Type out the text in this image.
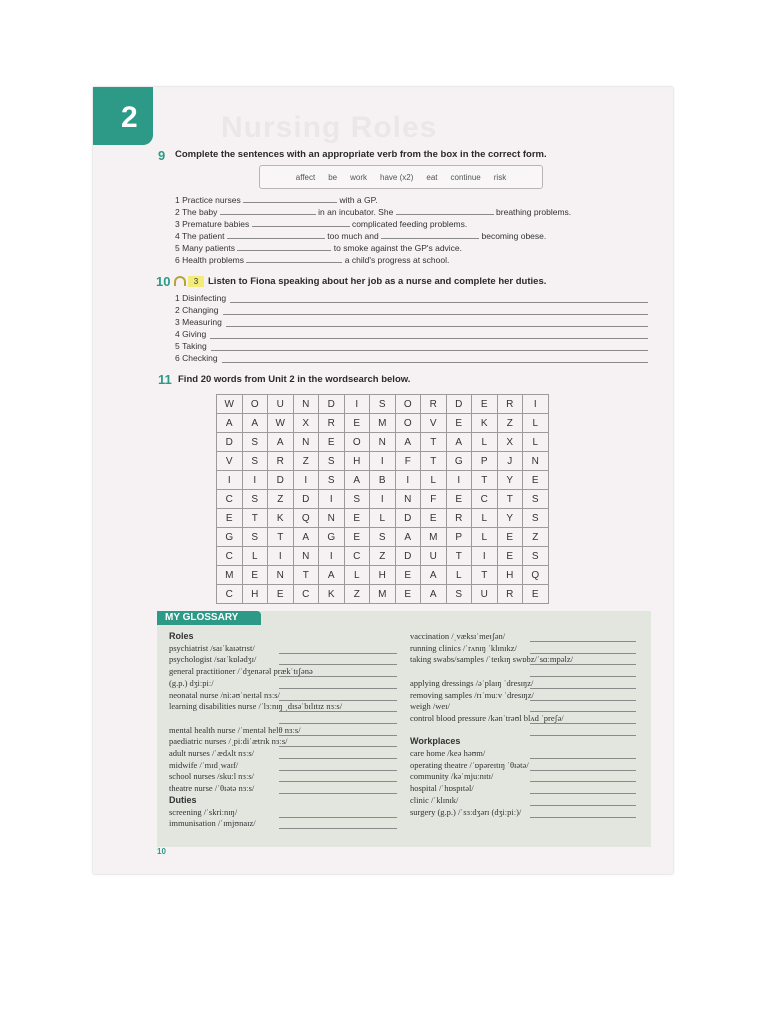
2	Nursing Roles
9 Complete the sentences with an appropriate verb from the box in the correct form.
affect be work have (x2) eat continue risk
1 Practice nurses	with a GP.
2 The baby	in an incubator. She	breathing problems.
3 Premature babies	complicated feeding problems.
4 The patient	too much and	becoming obese.
5 Many patients	to smoke against the GP's advice.
6 Health problems	a child's progress at school.
10	3	Listen to Fiona speaking about her job as a nurse and complete her duties.
1
Disinfecting
2
Changing
3
Measuring
4
Giving
5
Taking
6
Checking
11 Find 20 words from Unit 2 in the wordsearch below.
W	O	U	N	D	I	S	O	R	D	E	R	I
A	A	W	X	R	E	M	O	V	E	K	Z	L
D	S	A	N	E	O	N	A	T	A	L	X	L
V	S	R	Z	S	H	I	F	T	G	P	J	N
I	I	D	I	S	A	B	I	L	I	T	Y	E
C	S	Z	D	I	S	I	N	F	E	C	T	S
E	T	K	Q	N	E	L	D	E	R	L	Y	S
G	S	T	A	G	E	S	A	M	P	L	E	Z
C	L	I	N	I	C	Z	D	U	T	I	E	S
M	E	N	T	A	L	H	E	A	L	T	H	Q
C	H	E	C	K	Z	M	E	A	S	U	R	E
MY GLOSSARY
Roles
psychiatrist /saɪˈkaɪətrɪst/
psychologist /saɪˈkɒlədʒɪ/
general practitioner /ˈdʒenərəl prækˈtɪʃənə
(g.p.) dʒiːpiː/
neonatal nurse /niːəʊˈneɪtəl nɜːs/
learning disabilities nurse /ˈlɜːnɪŋ ˌdɪsəˈbɪlɪtɪz nɜːs/
mental health nurse /ˈmentəl helθ nɜːs/
paediatric nurses /ˌpiːdiˈætrɪk nɜːs/
adult nurses /ˈædʌlt nɜːs/
midwife /ˈmɪdˌwaɪf/
school nurses /skuːl nɜːs/
theatre nurse /ˈθɪətə nɜːs/
Duties
screening /ˈskriːnɪŋ/
immunisation /ˈɪmjʊnaɪz/
vaccination /ˌvæksɪˈmeɪʃən/
running clinics /ˈrʌnɪŋ ˈklɪnɪkz/
taking swabs/samples /ˈteɪkɪŋ swɒbz/ˈsɑːmpəlz/
applying dressings /əˈplaɪŋ ˈdresɪŋz/
removing samples /rɪˈmuːv ˈdresɪŋz/
weigh /weɪ/
control blood pressure /kənˈtrəʊl blʌd ˈpreʃə/
Workplaces
care home /keə həʊm/
operating theatre /ˈɒpəreɪtɪŋ ˈθɪətə/
community /kəˈmjuːnɪtɪ/
hospital /ˈhɒspɪtəl/
clinic /ˈklɪnɪk/
surgery (g.p.) /ˈsɜːdʒərɪ (dʒiːpiː)/
10
